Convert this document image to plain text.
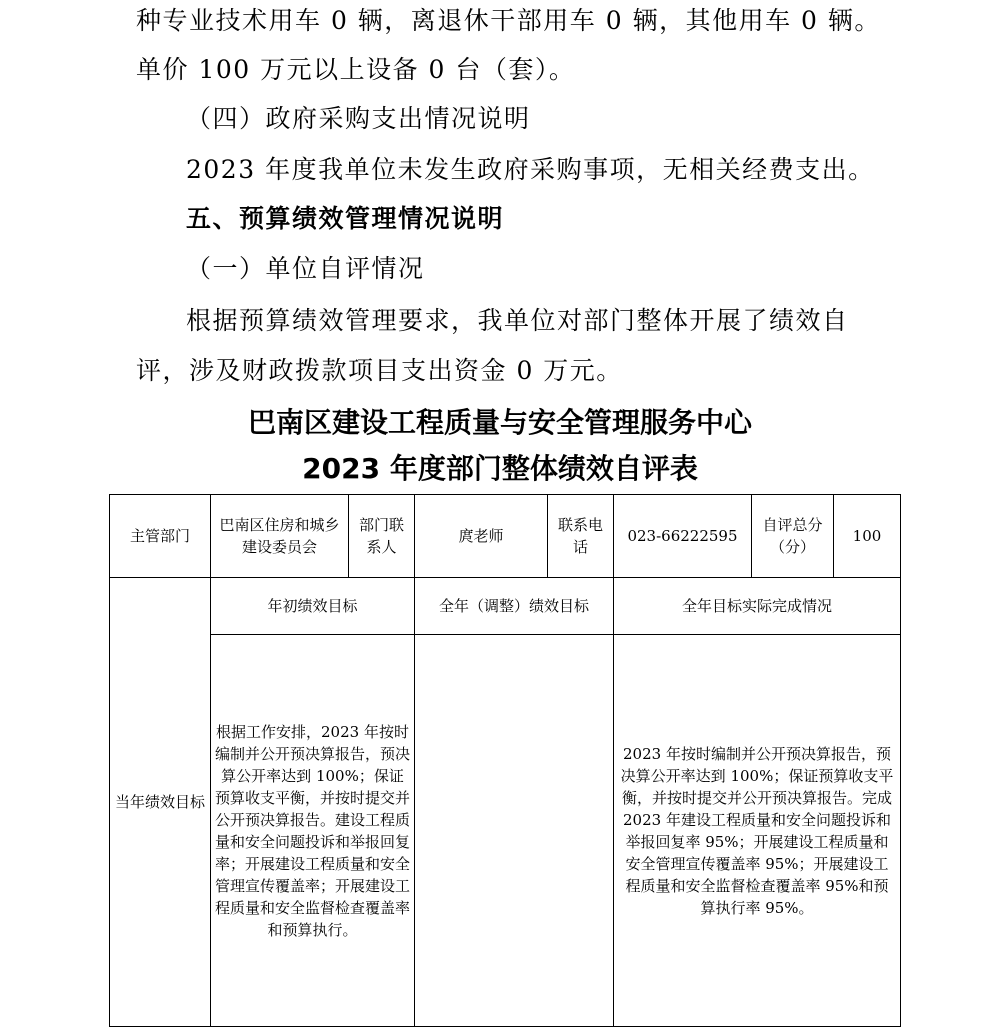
种专业技术用车 0 辆，离退休干部用车 0 辆，其他用车 0 辆。
单价 100 万元以上设备 0 台（套）。
（四）政府采购支出情况说明
2023 年度我单位未发生政府采购事项，无相关经费支出。
五、预算绩效管理情况说明
（一）单位自评情况
根据预算绩效管理要求，我单位对部门整体开展了绩效自
评，涉及财政拨款项目支出资金 0 万元。
巴南区建设工程质量与安全管理服务中心
2023 年度部门整体绩效自评表
主管部门	巴南区住房和城乡建设委员会	部门联系人	庹老师	联系电话	023-66222595	自评总分（分）	100
当年绩效目标	年初绩效目标		全年（调整）绩效目标		全年目标实际完成情况		
	根据工作安排，2023 年按时编制并公开预决算报告，预决算公开率达到 100%；保证预算收支平衡，并按时提交并公开预决算报告。建设工程质量和安全问题投诉和举报回复率；开展建设工程质量和安全管理宣传覆盖率；开展建设工程质量和安全监督检查覆盖率和预算执行。				2023 年按时编制并公开预决算报告，预决算公开率达到 100%；保证预算收支平衡，并按时提交并公开预决算报告。完成 2023 年建设工程质量和安全问题投诉和举报回复率 95%；开展建设工程质量和安全管理宣传覆盖率 95%；开展建设工程质量和安全监督检查覆盖率 95%和预算执行率 95%。		
